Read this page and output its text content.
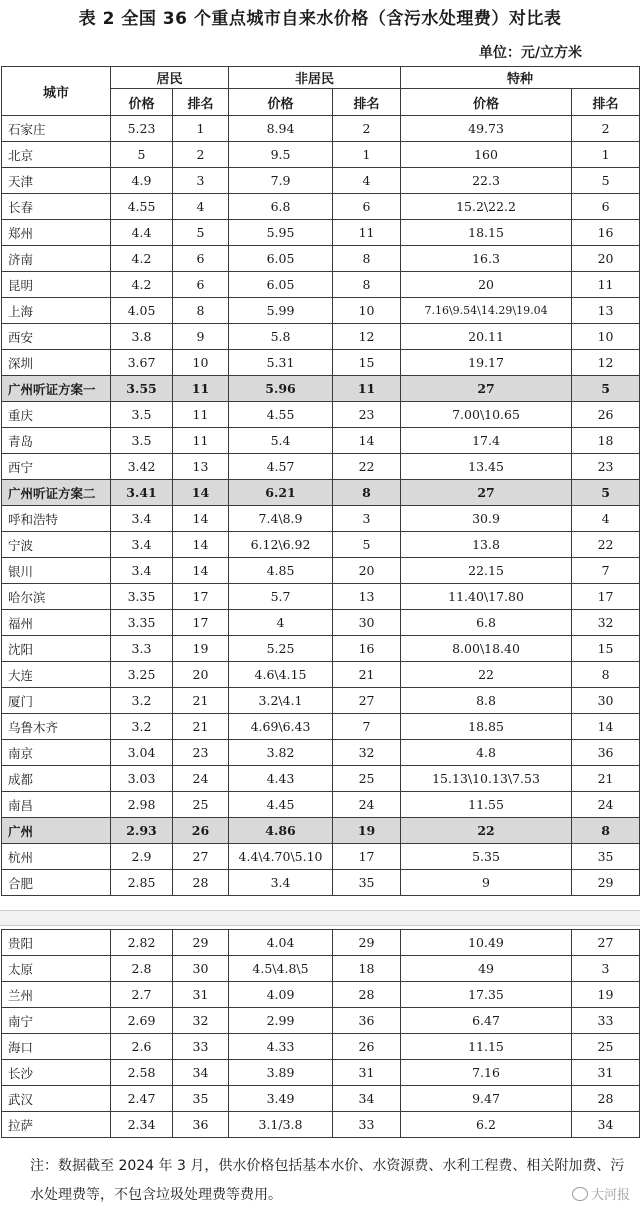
表 2 全国 36 个重点城市自来水价格（含污水处理费）对比表
单位：元/立方米
城市	居民		非居民		特种	
	价格	排名	价格	排名	价格	排名
石家庄	5.23	1	8.94	2	49.73	2
北京	5	2	9.5	1	160	1
天津	4.9	3	7.9	4	22.3	5
长春	4.55	4	6.8	6	15.2\22.2	6
郑州	4.4	5	5.95	11	18.15	16
济南	4.2	6	6.05	8	16.3	20
昆明	4.2	6	6.05	8	20	11
上海	4.05	8	5.99	10	7.16\9.54\14.29\19.04	13
西安	3.8	9	5.8	12	20.11	10
深圳	3.67	10	5.31	15	19.17	12
广州听证方案一	3.55	11	5.96	11	27	5
重庆	3.5	11	4.55	23	7.00\10.65	26
青岛	3.5	11	5.4	14	17.4	18
西宁	3.42	13	4.57	22	13.45	23
广州听证方案二	3.41	14	6.21	8	27	5
呼和浩特	3.4	14	7.4\8.9	3	30.9	4
宁波	3.4	14	6.12\6.92	5	13.8	22
银川	3.4	14	4.85	20	22.15	7
哈尔滨	3.35	17	5.7	13	11.40\17.80	17
福州	3.35	17	4	30	6.8	32
沈阳	3.3	19	5.25	16	8.00\18.40	15
大连	3.25	20	4.6\4.15	21	22	8
厦门	3.2	21	3.2\4.1	27	8.8	30
乌鲁木齐	3.2	21	4.69\6.43	7	18.85	14
南京	3.04	23	3.82	32	4.8	36
成都	3.03	24	4.43	25	15.13\10.13\7.53	21
南昌	2.98	25	4.45	24	11.55	24
广州	2.93	26	4.86	19	22	8
杭州	2.9	27	4.4\4.70\5.10	17	5.35	35
合肥	2.85	28	3.4	35	9	29
贵阳	2.82	29	4.04	29	10.49	27
太原	2.8	30	4.5\4.8\5	18	49	3
兰州	2.7	31	4.09	28	17.35	19
南宁	2.69	32	2.99	36	6.47	33
海口	2.6	33	4.33	26	11.15	25
长沙	2.58	34	3.89	31	7.16	31
武汉	2.47	35	3.49	34	9.47	28
拉萨	2.34	36	3.1/3.8	33	6.2	34
注：数据截至 2024 年 3 月，供水价格包括基本水价、水资源费、水利工程费、相关附加费、污水处理费等，不包含垃圾处理费等费用。	大河报
